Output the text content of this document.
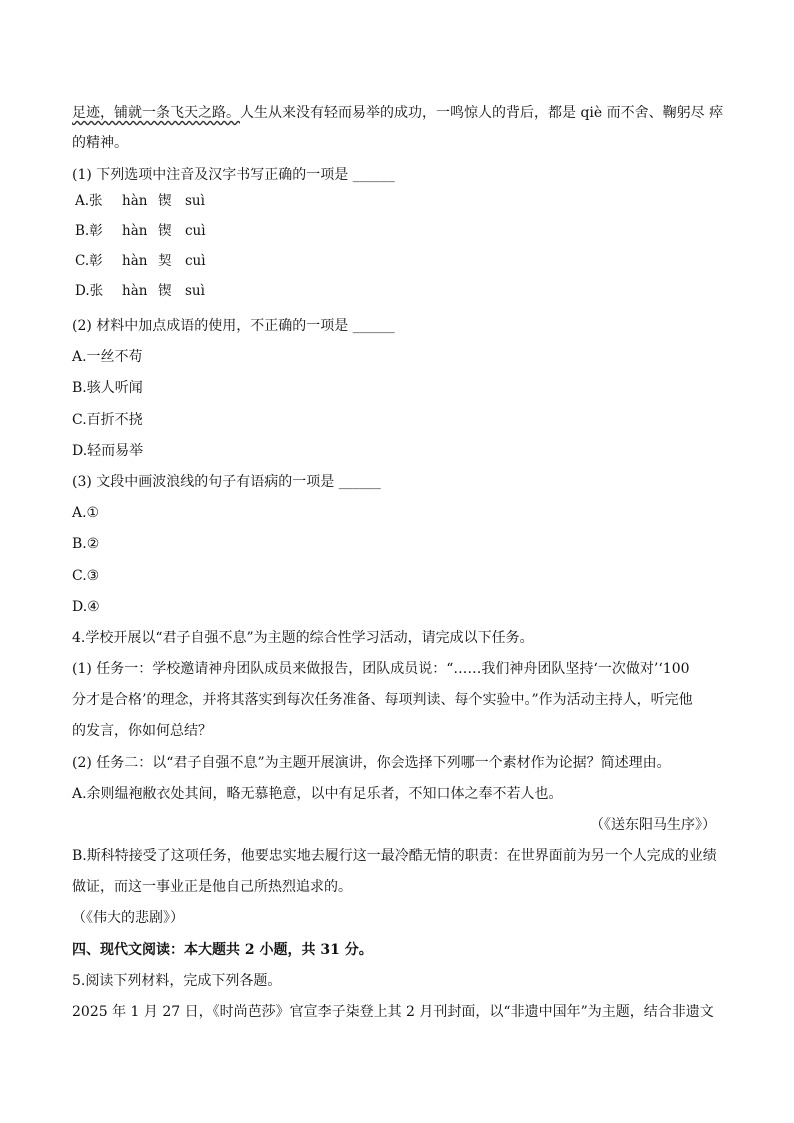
足迹，铺就一条飞天之路。人生从来没有轻而易举的成功，一鸣惊人的背后，都是 qiè 而不舍、鞠躬尽 瘁
的精神。
(1) 下列选项中注音及汉字书写正确的一项是 ______
A.张 hàn 锲 suì
B.彰 hàn 锲 cuì
C.彰 hàn 契 cuì
D.张 hàn 锲 suì
(2) 材料中加点成语的使用，不正确的一项是 ______
A.一丝不苟
B.骇人听闻
C.百折不挠
D.轻而易举
(3) 文段中画波浪线的句子有语病的一项是 ______
A.①
B.②
C.③
D.④
4.学校开展以“君子自强不息”为主题的综合性学习活动，请完成以下任务。
(1) 任务一：学校邀请神舟团队成员来做报告，团队成员说：“……我们神舟团队坚持‘一次做对’‘100
分才是合格’的理念，并将其落实到每次任务准备、每项判读、每个实验中。”作为活动主持人，听完他
的发言，你如何总结？
(2) 任务二：以“君子自强不息”为主题开展演讲，你会选择下列哪一个素材作为论据？简述理由。
A.余则缊袍敝衣处其间，略无慕艳意，以中有足乐者，不知口体之奉不若人也。
（《送东阳马生序》）
B.斯科特接受了这项任务，他要忠实地去履行这一最冷酷无情的职责：在世界面前为另一个人完成的业绩
做证，而这一事业正是他自己所热烈追求的。
（《伟大的悲剧》）
四、现代文阅读：本大题共 2 小题，共 31 分。
5.阅读下列材料，完成下列各题。
2025 年 1 月 27 日，《时尚芭莎》官宣李子柒登上其 2 月刊封面，以“非遗中国年”为主题，结合非遗文
